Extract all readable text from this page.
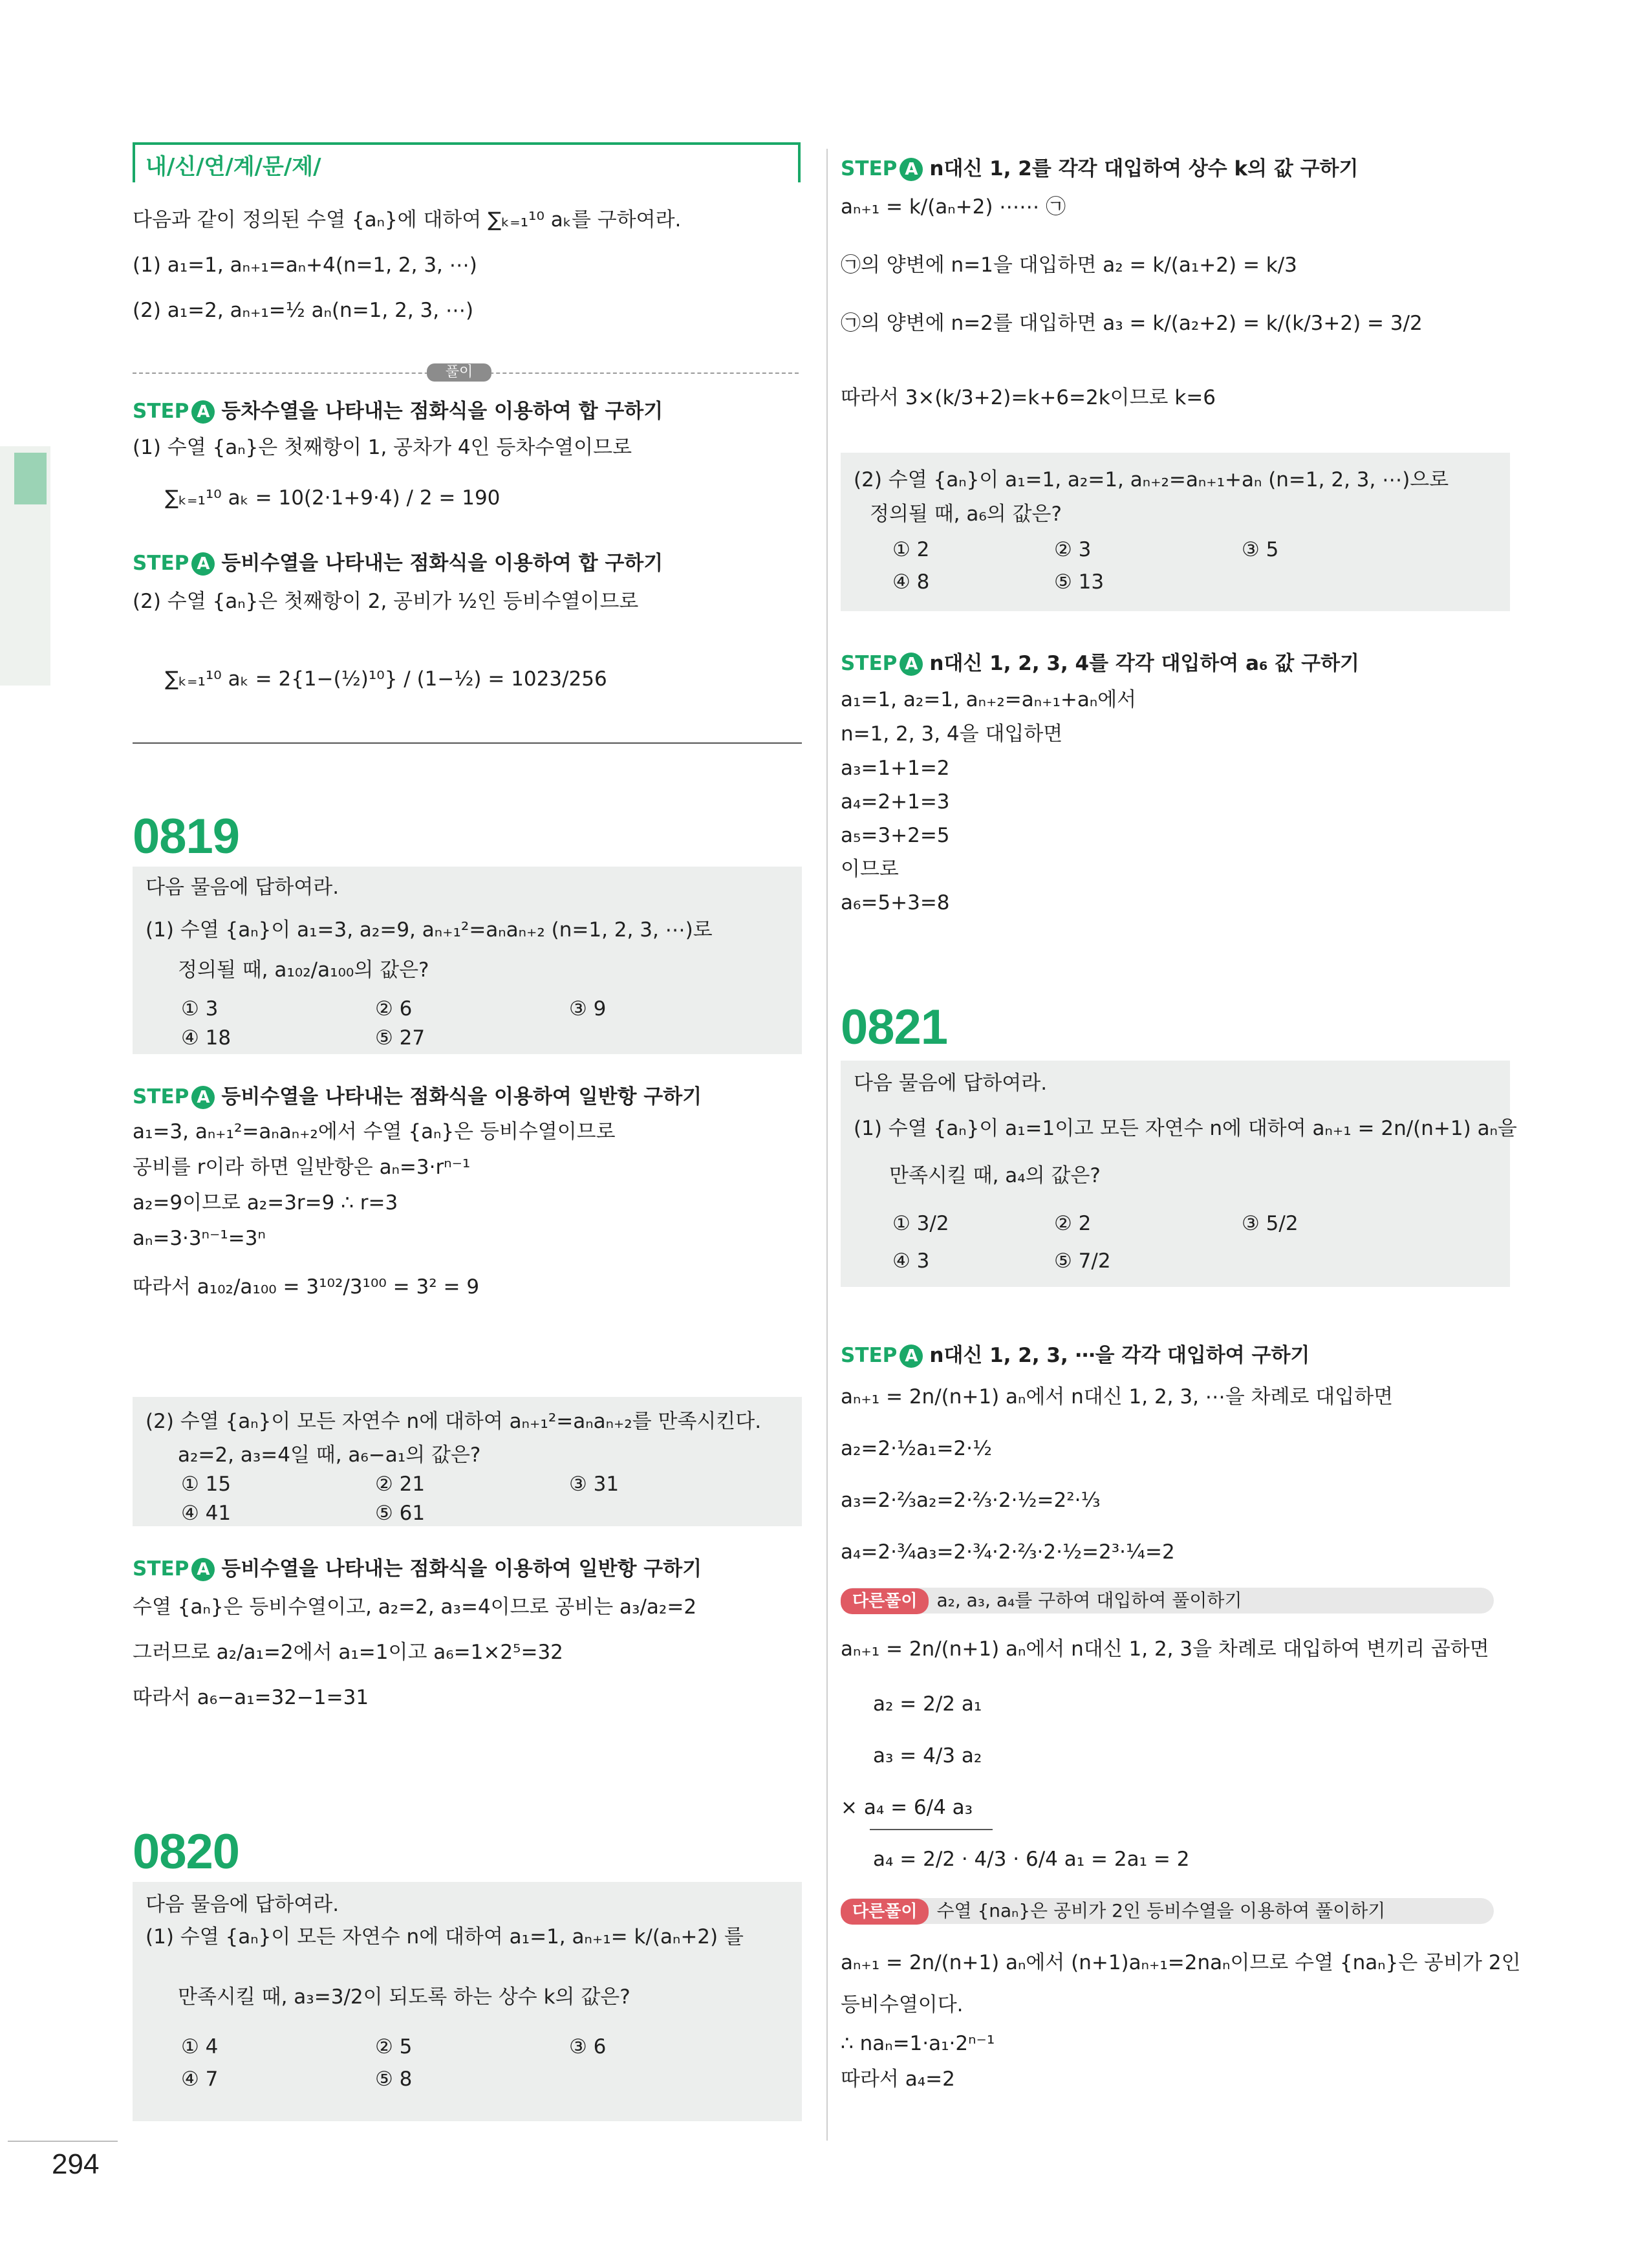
내/신/연/계/문/제/
다음과 같이 정의된 수열 {aₙ}에 대하여 ∑ₖ₌₁¹⁰ aₖ를 구하여라.
(1) a₁=1, aₙ₊₁=aₙ+4(n=1, 2, 3, ⋯)
(2) a₁=2, aₙ₊₁=½ aₙ(n=1, 2, 3, ⋯)
풀이
STEP A 등차수열을 나타내는 점화식을 이용하여 합 구하기
(1) 수열 {aₙ}은 첫째항이 1, 공차가 4인 등차수열이므로
∑ₖ₌₁¹⁰ aₖ = 10(2·1+9·4) / 2 = 190
STEP A 등비수열을 나타내는 점화식을 이용하여 합 구하기
(2) 수열 {aₙ}은 첫째항이 2, 공비가 ½인 등비수열이므로
∑ₖ₌₁¹⁰ aₖ = 2{1−(½)¹⁰} / (1−½) = 1023/256
0819
다음 물음에 답하여라.
(1) 수열 {aₙ}이 a₁=3, a₂=9, aₙ₊₁²=aₙaₙ₊₂ (n=1, 2, 3, ⋯)로
정의될 때, a₁₀₂/a₁₀₀의 값은?
① 3	② 6	③ 9
④ 18	⑤ 27
STEP A 등비수열을 나타내는 점화식을 이용하여 일반항 구하기
a₁=3, aₙ₊₁²=aₙaₙ₊₂에서 수열 {aₙ}은 등비수열이므로
공비를 r이라 하면 일반항은 aₙ=3·rⁿ⁻¹
a₂=9이므로 a₂=3r=9 ∴ r=3
aₙ=3·3ⁿ⁻¹=3ⁿ
따라서 a₁₀₂/a₁₀₀ = 3¹⁰²/3¹⁰⁰ = 3² = 9
(2) 수열 {aₙ}이 모든 자연수 n에 대하여 aₙ₊₁²=aₙaₙ₊₂를 만족시킨다.
a₂=2, a₃=4일 때, a₆−a₁의 값은?
① 15	② 21	③ 31
④ 41	⑤ 61
STEP A 등비수열을 나타내는 점화식을 이용하여 일반항 구하기
수열 {aₙ}은 등비수열이고, a₂=2, a₃=4이므로 공비는 a₃/a₂=2
그러므로 a₂/a₁=2에서 a₁=1이고 a₆=1×2⁵=32
따라서 a₆−a₁=32−1=31
0820
다음 물음에 답하여라.
(1) 수열 {aₙ}이 모든 자연수 n에 대하여 a₁=1, aₙ₊₁= k/(aₙ+2) 를
만족시킬 때, a₃=3/2이 되도록 하는 상수 k의 값은?
① 4	② 5	③ 6
④ 7	⑤ 8
STEP A n대신 1, 2를 각각 대입하여 상수 k의 값 구하기
aₙ₊₁ = k/(aₙ+2) ⋯⋯ ㉠
㉠의 양변에 n=1을 대입하면 a₂ = k/(a₁+2) = k/3
㉠의 양변에 n=2를 대입하면 a₃ = k/(a₂+2) = k/(k/3+2) = 3/2
따라서 3×(k/3+2)=k+6=2k이므로 k=6
(2) 수열 {aₙ}이 a₁=1, a₂=1, aₙ₊₂=aₙ₊₁+aₙ (n=1, 2, 3, ⋯)으로
정의될 때, a₆의 값은?
① 2	② 3	③ 5
④ 8	⑤ 13
STEP A n대신 1, 2, 3, 4를 각각 대입하여 a₆ 값 구하기
a₁=1, a₂=1, aₙ₊₂=aₙ₊₁+aₙ에서
n=1, 2, 3, 4을 대입하면
a₃=1+1=2
a₄=2+1=3
a₅=3+2=5
이므로
a₆=5+3=8
0821
다음 물음에 답하여라.
(1) 수열 {aₙ}이 a₁=1이고 모든 자연수 n에 대하여 aₙ₊₁ = 2n/(n+1) aₙ을
만족시킬 때, a₄의 값은?
① 3/2	② 2	③ 5/2
④ 3	⑤ 7/2
STEP A n대신 1, 2, 3, ⋯을 각각 대입하여 구하기
aₙ₊₁ = 2n/(n+1) aₙ에서 n대신 1, 2, 3, ⋯을 차례로 대입하면
a₂=2·½a₁=2·½
a₃=2·⅔a₂=2·⅔·2·½=2²·⅓
a₄=2·¾a₃=2·¾·2·⅔·2·½=2³·¼=2
다른풀이 a₂, a₃, a₄를 구하여 대입하여 풀이하기
aₙ₊₁ = 2n/(n+1) aₙ에서 n대신 1, 2, 3을 차례로 대입하여 변끼리 곱하면
a₂ = 2/2 a₁
a₃ = 4/3 a₂
× a₄ = 6/4 a₃
a₄ = 2/2 · 4/3 · 6/4 a₁ = 2a₁ = 2
다른풀이 수열 {naₙ}은 공비가 2인 등비수열을 이용하여 풀이하기
aₙ₊₁ = 2n/(n+1) aₙ에서 (n+1)aₙ₊₁=2naₙ이므로 수열 {naₙ}은 공비가 2인
등비수열이다.
∴ naₙ=1·a₁·2ⁿ⁻¹
따라서 a₄=2
294
